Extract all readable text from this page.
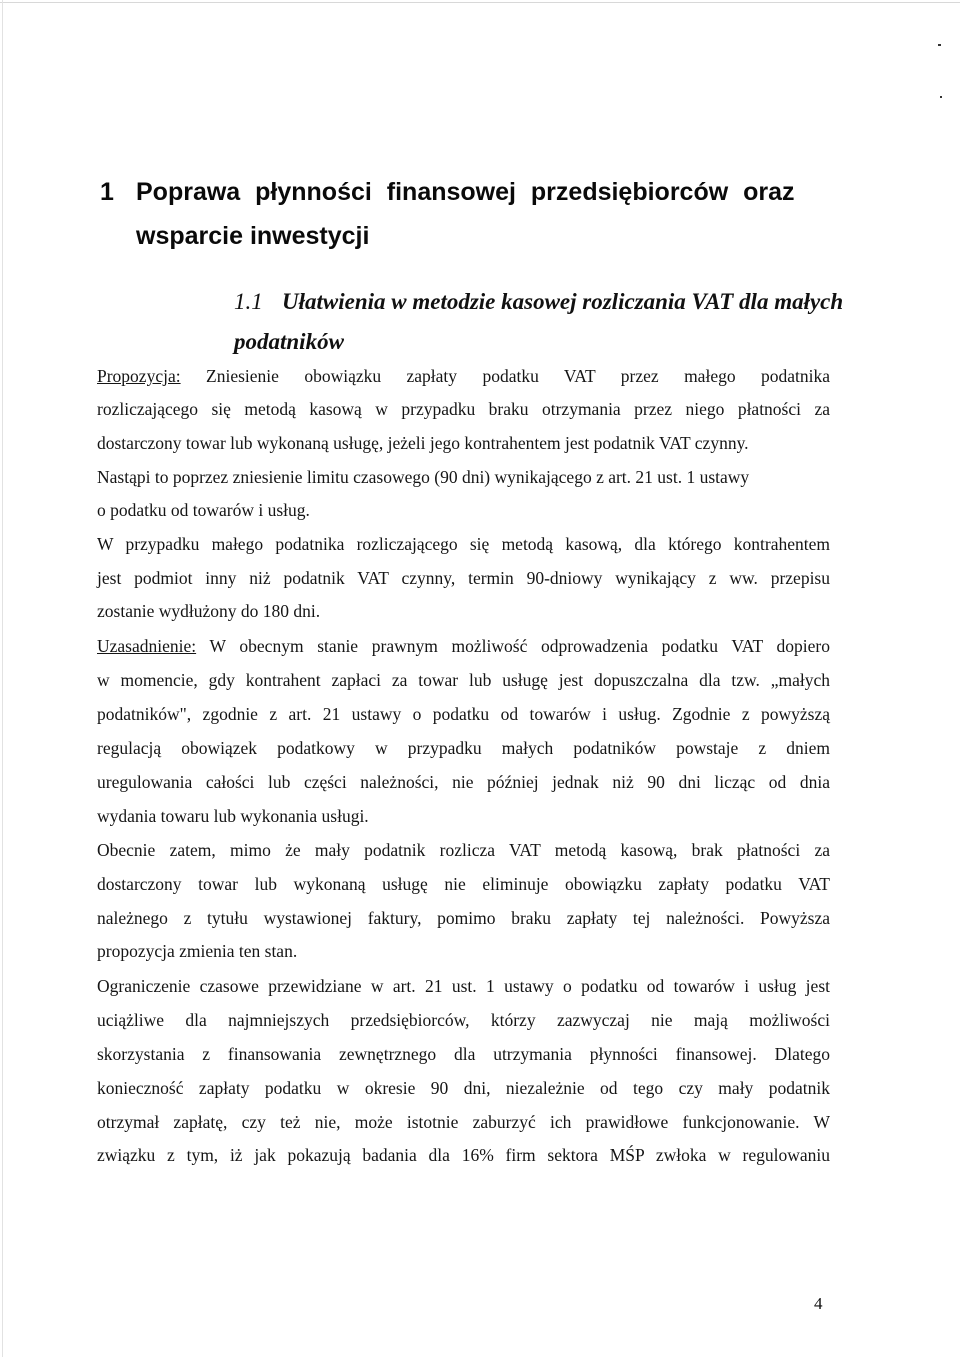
1 Poprawa płynności finansowej przedsiębiorców oraz
wsparcie inwestycji
1.1 Ułatwienia w metodzie kasowej rozliczania VAT dla małych
podatników

Propozycja: Zniesienie obowiązku zapłaty podatku VAT przez małego podatnika

rozliczającego się metodą kasową w przypadku braku otrzymania przez niego płatności za

dostarczony towar lub wykonaną usługę, jeżeli jego kontrahentem jest podatnik VAT czynny.

Nastąpi to poprzez zniesienie limitu czasowego (90 dni) wynikającego z art. 21 ust. 1 ustawy

o podatku od towarów i usług.

W przypadku małego podatnika rozliczającego się metodą kasową, dla którego kontrahentem

jest podmiot inny niż podatnik VAT czynny, termin 90-dniowy wynikający z ww. przepisu

zostanie wydłużony do 180 dni.

Uzasadnienie: W obecnym stanie prawnym możliwość odprowadzenia podatku VAT dopiero

w momencie, gdy kontrahent zapłaci za towar lub usługę jest dopuszczalna dla tzw. „małych

podatników", zgodnie z art. 21 ustawy o podatku od towarów i usług. Zgodnie z powyższą

regulacją obowiązek podatkowy w przypadku małych podatników powstaje z dniem

uregulowania całości lub części należności, nie później jednak niż 90 dni licząc od dnia

wydania towaru lub wykonania usługi.

Obecnie zatem, mimo że mały podatnik rozlicza VAT metodą kasową, brak płatności za

dostarczony towar lub wykonaną usługę nie eliminuje obowiązku zapłaty podatku VAT

należnego z tytułu wystawionej faktury, pomimo braku zapłaty tej należności. Powyższa

propozycja zmienia ten stan.

Ograniczenie czasowe przewidziane w art. 21 ust. 1 ustawy o podatku od towarów i usług jest

uciążliwe dla najmniejszych przedsiębiorców, którzy zazwyczaj nie mają możliwości

skorzystania z finansowania zewnętrznego dla utrzymania płynności finansowej. Dlatego

konieczność zapłaty podatku w okresie 90 dni, niezależnie od tego czy mały podatnik

otrzymał zapłatę, czy też nie, może istotnie zaburzyć ich prawidłowe funkcjonowanie. W

związku z tym, iż jak pokazują badania dla 16% firm sektora MŚP zwłoka w regulowaniu

4
